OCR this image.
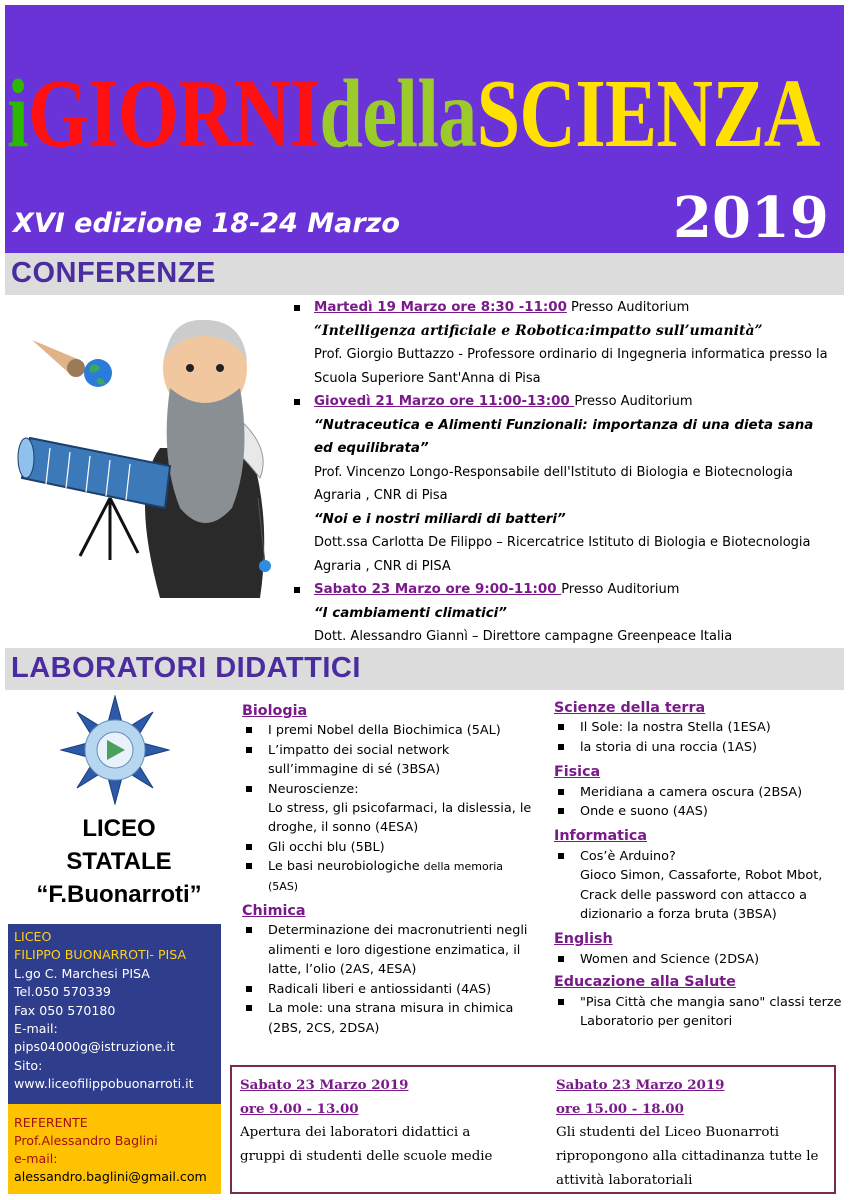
iGIORNIdellaSCIENZA
XVI edizione 18-24 Marzo	2019
CONFERENZE
Martedì 19 Marzo ore 8:30 -11:00 Presso Auditorium
“Intelligenza artificiale e Robotica:impatto sull’umanità”
Prof. Giorgio Buttazzo - Professore ordinario di Ingegneria informatica presso la Scuola Superiore Sant'Anna di Pisa
Giovedì 21 Marzo ore 11:00-13:00 Presso Auditorium
“Nutraceutica e Alimenti Funzionali: importanza di una dieta sana ed equilibrata”
Prof. Vincenzo Longo-Responsabile dell'Istituto di Biologia e Biotecnologia Agraria , CNR di Pisa
“Noi e i nostri miliardi di batteri”
Dott.ssa Carlotta De Filippo – Ricercatrice Istituto di Biologia e Biotecnologia Agraria , CNR di PISA
Sabato 23 Marzo ore 9:00-11:00 Presso Auditorium
“I cambiamenti climatici”
Dott. Alessandro Giannì – Direttore campagne Greenpeace Italia
LABORATORI DIDATTICI
LICEO
STATALE
“F.Buonarroti”
LICEO
FILIPPO BUONARROTI- PISA
L.go C. Marchesi PISA
Tel.050 570339
Fax 050 570180
E-mail:
pips04000g@istruzione.it
Sito:
www.liceofilippobuonarroti.it
REFERENTE
Prof.Alessandro Baglini
e-mail:
alessandro.baglini@gmail.com
Biologia
I premi Nobel della Biochimica (5AL)
L’impatto dei social network sull’immagine di sé (3BSA)
Neuroscienze:
Lo stress, gli psicofarmaci, la dislessia, le droghe, il sonno (4ESA)
Gli occhi blu (5BL)
Le basi neurobiologiche della memoria
(5AS)
Chimica
Determinazione dei macronutrienti negli alimenti e loro digestione enzimatica, il latte, l’olio (2AS, 4ESA)
Radicali liberi e antiossidanti (4AS)
La mole: una strana misura in chimica (2BS, 2CS, 2DSA)
Scienze della terra
Il Sole: la nostra Stella (1ESA)
la storia di una roccia (1AS)
Fisica
Meridiana a camera oscura (2BSA)
Onde e suono (4AS)
Informatica
Cos’è Arduino?
Gioco Simon, Cassaforte, Robot Mbot, Crack delle password con attacco a dizionario a forza bruta (3BSA)
English
Women and Science (2DSA)
Educazione alla Salute
"Pisa Città che mangia sano" classi terze Laboratorio per genitori
Sabato 23 Marzo 2019
ore 9.00 - 13.00
Apertura dei laboratori didattici a gruppi di studenti delle scuole medie
Sabato 23 Marzo 2019
ore 15.00 - 18.00
Gli studenti del Liceo Buonarroti ripropongono alla cittadinanza tutte le attività laboratoriali
